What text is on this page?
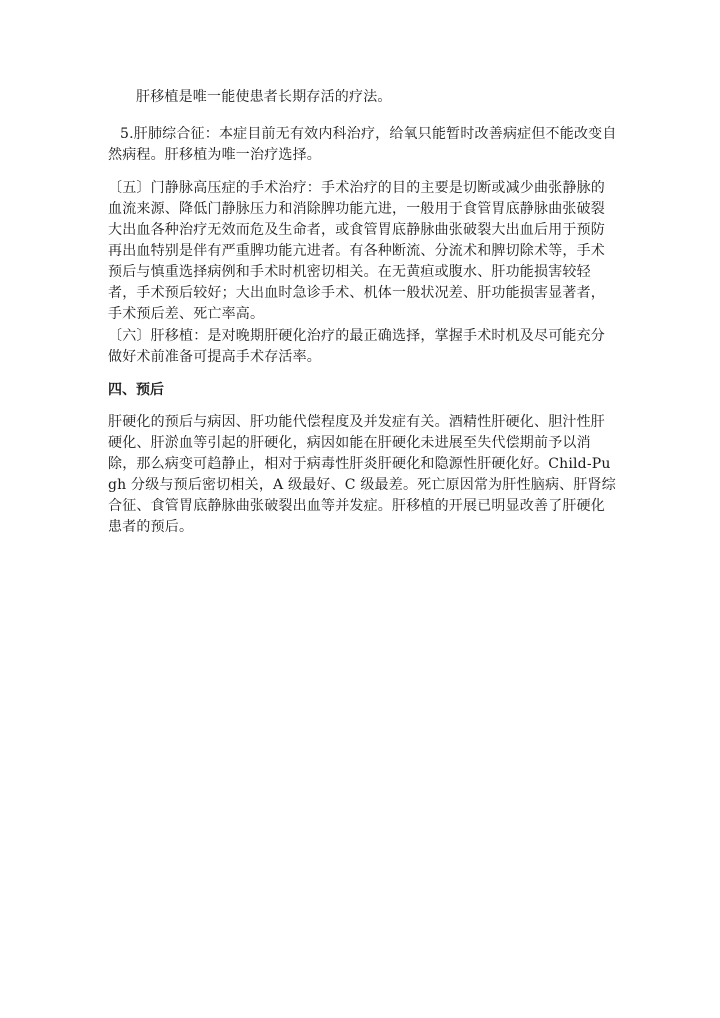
肝移植是唯一能使患者长期存活的疗法。

5.肝肺综合征：本症目前无有效内科治疗，给氧只能暂时改善病症但不能改变自然病程。肝移植为唯一治疗选择。

〔五〕门静脉高压症的手术治疗：手术治疗的目的主要是切断或减少曲张静脉的血流来源、降低门静脉压力和消除脾功能亢进，一般用于食管胃底静脉曲张破裂大出血各种治疗无效而危及生命者，或食管胃底静脉曲张破裂大出血后用于预防再出血特别是伴有严重脾功能亢进者。有各种断流、分流术和脾切除术等，手术预后与慎重选择病例和手术时机密切相关。在无黄疸或腹水、肝功能损害较轻者，手术预后较好；大出血时急诊手术、机体一般状况差、肝功能损害显著者，手术预后差、死亡率高。

〔六〕肝移植：是对晚期肝硬化治疗的最正确选择，掌握手术时机及尽可能充分做好术前准备可提高手术存活率。

四、预后

肝硬化的预后与病因、肝功能代偿程度及并发症有关。酒精性肝硬化、胆汁性肝硬化、肝淤血等引起的肝硬化，病因如能在肝硬化未进展至失代偿期前予以消除，那么病变可趋静止，相对于病毒性肝炎肝硬化和隐源性肝硬化好。Child-Pugh 分级与预后密切相关，A 级最好、C 级最差。死亡原因常为肝性脑病、肝肾综合征、食管胃底静脉曲张破裂出血等并发症。肝移植的开展已明显改善了肝硬化患者的预后。
